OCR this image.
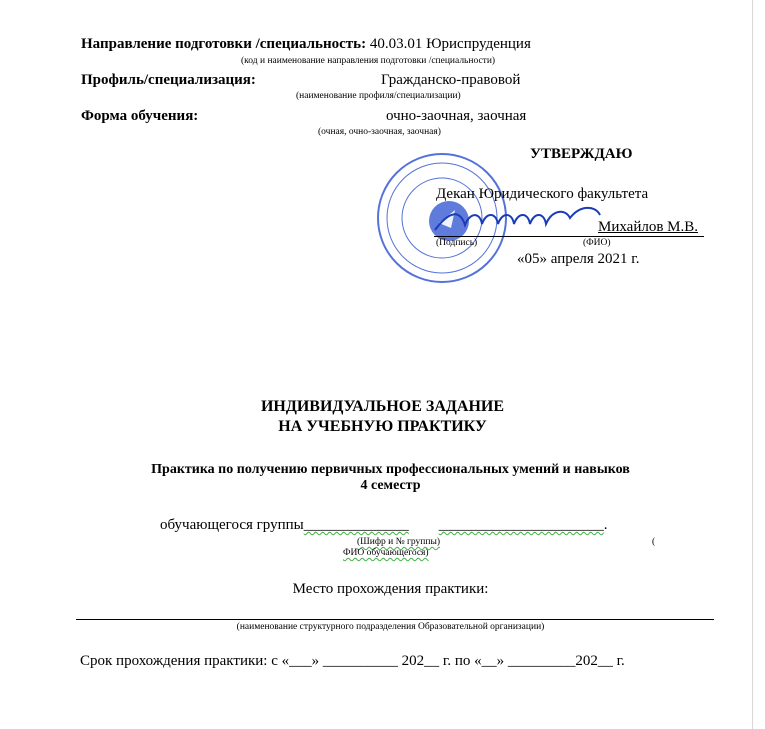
Направление подготовки /специальность: 40.03.01 Юриспруденция
(код и наименование направления подготовки /специальности)
Профиль/специализация:	Гражданско-правовой
(наименование профиля/специализации)
Форма обучения:	очно-заочная, заочная
(очная, очно-заочная, заочная)
УТВЕРЖДАЮ
Декан Юридического факультета
Михайлов М.В.
(Подпись)	(ФИО)
«05» апреля 2021 г.
ИНДИВИДУАЛЬНОЕ ЗАДАНИЕ
НА УЧЕБНУЮ ПРАКТИКУ
Практика по получению первичных профессиональных умений и навыков
4 семестр
обучающегося группы______________ ______________________.
(Шифр и № группы)	(
ФИО обучающегося)
Место прохождения практики:
(наименование структурного подразделения Образовательной организации)
Срок прохождения практики: с «___» __________ 202__ г. по «__» _________202__ г.
